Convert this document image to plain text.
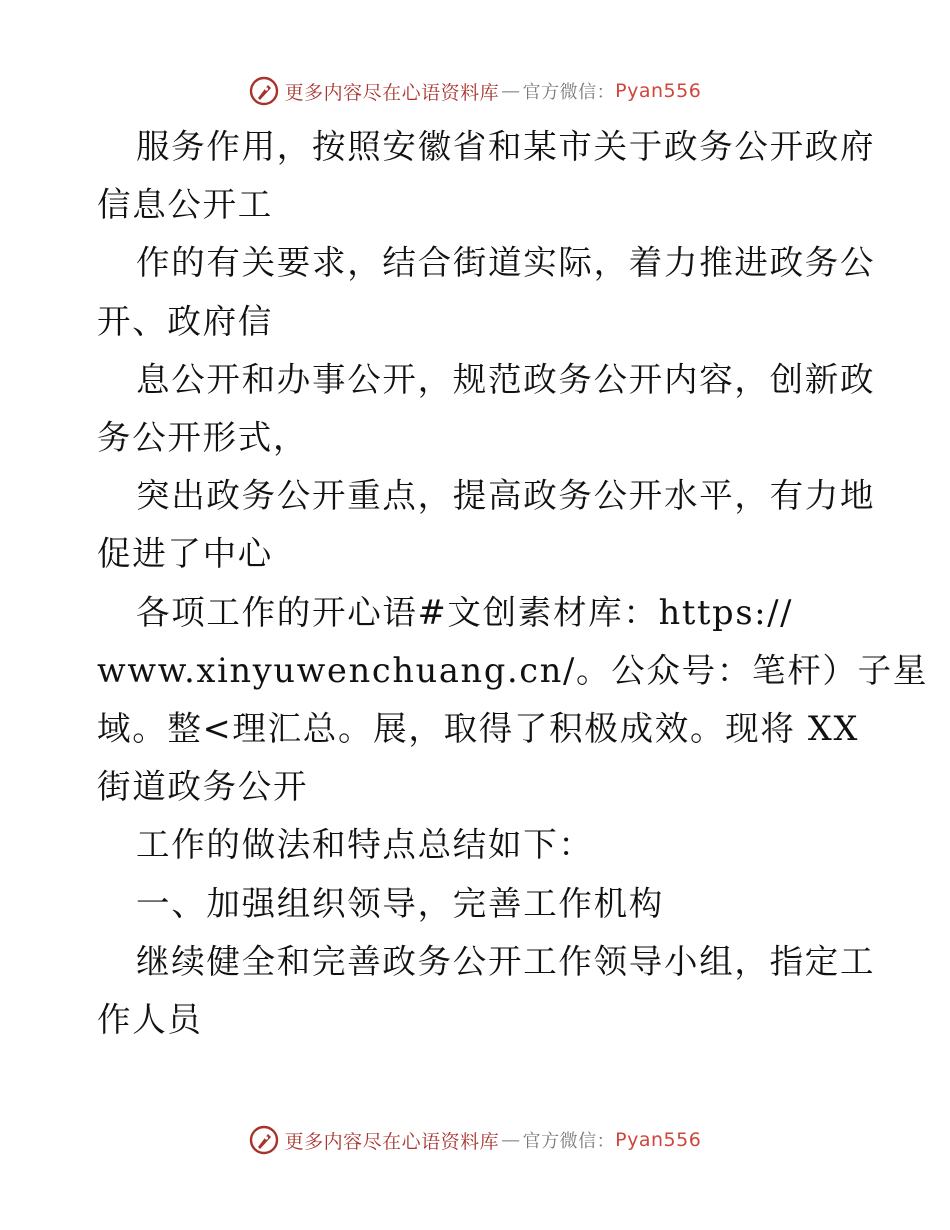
更多内容尽在心语资料库 — 官方微信： Pyan556

服务作用，按照安徽省和某市关于政务公开政府
信息公开工

作的有关要求，结合街道实际，着力推进政务公
开、政府信

息公开和办事公开，规范政务公开内容，创新政
务公开形式，

突出政务公开重点，提高政务公开水平，有力地
促进了中心

各项工作的开心语#文创素材库：https://
www.xinyuwenchuang.cn/。公众号：笔杆）子星
域。整<理汇总。展，取得了积极成效。现将 XX
街道政务公开

工作的做法和特点总结如下：

一、加强组织领导，完善工作机构

继续健全和完善政务公开工作领导小组，指定工
作人员

更多内容尽在心语资料库 — 官方微信： Pyan556
